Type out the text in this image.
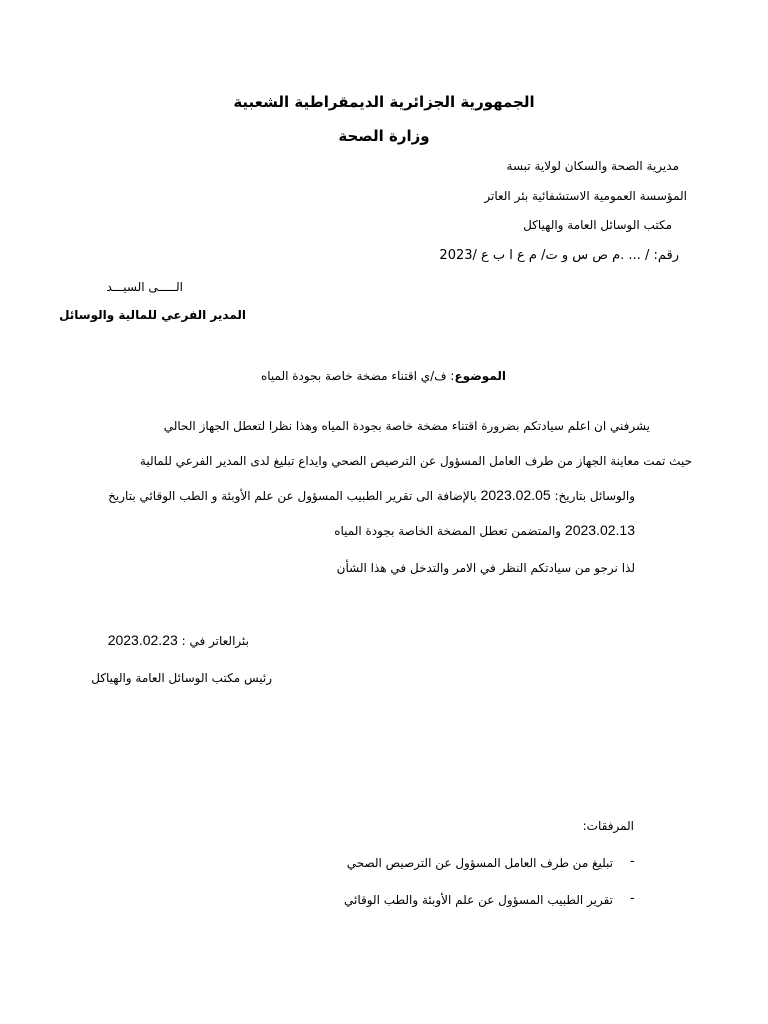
الجمهورية الجزائرية الديمقراطية الشعبية
وزارة الصحة
مديرية الصحة والسكان لولاية تبسة
المؤسسة العمومية الاستشفائية بئر العاتر
مكتب الوسائل العامة والهياكل
رقم: / ... .م ص س و ت/ م ع ا ب ع /2023
الـــــى السيـــد
المدير الفرعي للمالية والوسائل
الموضوع: ف/ي اقتناء مضخة خاصة بجودة المياه
يشرفني ان اعلم سيادتكم بضرورة اقتناء مضخة خاصة بجودة المياه وهذا نظرا لتعطل الجهاز الحالي
حيث تمت معاينة الجهاز من طرف العامل المسؤول عن الترصيص الصحي وايداع تبليغ لدى المدير الفرعي للمالية
والوسائل بتاريخ: 2023.02.05 بالإضافة الى تقرير الطبيب المسؤول عن علم الأوبئة و الطب الوقائي بتاريخ
2023.02.13 والمتضمن تعطل المضخة الخاصة بجودة المياه
لذا نرجو من سيادتكم النظر في الامر والتدخل في هذا الشأن
بئرالعاتر في : 2023.02.23
رئيس مكتب الوسائل العامة والهياكل
المرفقات:
-
تبليغ من طرف العامل المسؤول عن الترصيص الصحي
-
تقرير الطبيب المسؤول عن علم الأوبئة والطب الوقائي
